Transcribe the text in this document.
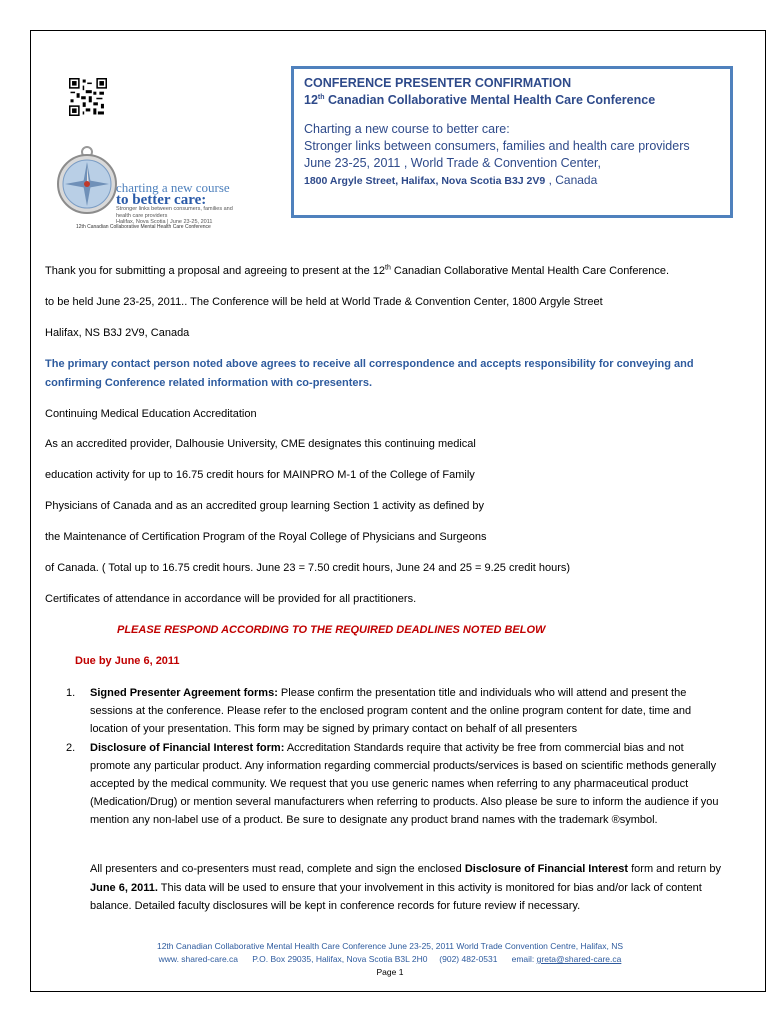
charting a new course
to better care:
Stronger links between consumers, families and health care providers
Halifax, Nova Scotia | June 23-25, 2011
12th Canadian Collaborative Mental Health Care Conference
CONFERENCE PRESENTER CONFIRMATION
12th Canadian Collaborative Mental Health Care Conference
Charting a new course to better care:
Stronger links between consumers, families and health care providers
June 23-25, 2011 , World Trade & Convention Center,
1800 Argyle Street, Halifax, Nova Scotia B3J 2V9 , Canada
Thank you for submitting a proposal and agreeing to present at the 12th Canadian Collaborative Mental Health Care Conference.
to be held June 23-25, 2011.. The Conference will be held at World Trade & Convention Center, 1800 Argyle Street
Halifax, NS B3J 2V9, Canada
The primary contact person noted above agrees to receive all correspondence and accepts responsibility for conveying and
confirming Conference related information with co-presenters.
Continuing Medical Education Accreditation
As an accredited provider, Dalhousie University, CME designates this continuing medical
education activity for up to 16.75 credit hours for MAINPRO M-1 of the College of Family
Physicians of Canada and as an accredited group learning Section 1 activity as defined by
the Maintenance of Certification Program of the Royal College of Physicians and Surgeons
of Canada. ( Total up to 16.75 credit hours. June 23 = 7.50 credit hours, June 24 and 25 = 9.25 credit hours)
Certificates of attendance in accordance will be provided for all practitioners.
PLEASE RESPOND ACCORDING TO THE REQUIRED DEADLINES NOTED BELOW
Due by June 6, 2011
1. Signed Presenter Agreement forms: Please confirm the presentation title and individuals who will attend and present the sessions at the conference. Please refer to the enclosed program content and the online program content for date, time and location of your presentation. This form may be signed by primary contact on behalf of all presenters
2. Disclosure of Financial Interest form: Accreditation Standards require that activity be free from commercial bias and not promote any particular product. Any information regarding commercial products/services is based on scientific methods generally accepted by the medical community. We request that you use generic names when referring to any pharmaceutical product (Medication/Drug) or mention several manufacturers when referring to products. Also please be sure to inform the audience if you mention any non-label use of a product. Be sure to designate any product brand names with the trademark ®symbol.
All presenters and co-presenters must read, complete and sign the enclosed Disclosure of Financial Interest form and return by June 6, 2011. This data will be used to ensure that your involvement in this activity is monitored for bias and/or lack of content balance. Detailed faculty disclosures will be kept in conference records for future review if necessary.
12th Canadian Collaborative Mental Health Care Conference June 23-25, 2011 World Trade Convention Centre, Halifax, NS
www. shared-care.ca P.O. Box 29035, Halifax, Nova Scotia B3L 2H0 (902) 482-0531 email: greta@shared-care.ca
Page 1
